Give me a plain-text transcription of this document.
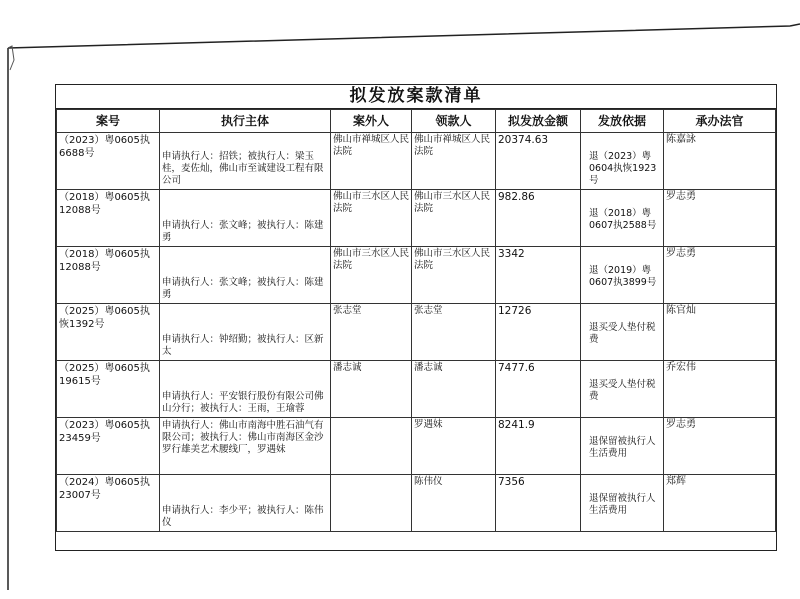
拟发放案款清单
案号	执行主体	案外人	领款人	拟发放金额	发放依据	承办法官
（2023）粤0605执6688号	申请执行人：招铁；被执行人：梁玉桂，麦佐灿，佛山市至诚建设工程有限公司	佛山市禅城区人民法院	佛山市禅城区人民法院	20374.63	退（2023）粤0604执恢1923号	陈嘉詠
（2018）粤0605执12088号	申请执行人：张文峰；被执行人：陈建勇	佛山市三水区人民法院	佛山市三水区人民法院	982.86	退（2018）粤0607执2588号	罗志勇
（2018）粤0605执12088号	申请执行人：张文峰；被执行人：陈建勇	佛山市三水区人民法院	佛山市三水区人民法院	3342	退（2019）粤0607执3899号	罗志勇
（2025）粤0605执恢1392号	申请执行人：钟绍勤；被执行人：区新太	张志堂	张志堂	12726	退买受人垫付税费	陈官灿
（2025）粤0605执19615号	申请执行人：平安银行股份有限公司佛山分行；被执行人：王雨，王瑜蓉	潘志诚	潘志诚	7477.6	退买受人垫付税费	乔宏伟
（2023）粤0605执23459号	申请执行人：佛山市南海中胜石油气有限公司；被执行人：佛山市南海区金沙罗行雄美艺术腰线厂，罗遇妹		罗遇妹	8241.9	退保留被执行人生活费用	罗志勇
（2024）粤0605执23007号	申请执行人：李少平；被执行人：陈伟仪		陈伟仪	7356	退保留被执行人生活费用	郑辉
